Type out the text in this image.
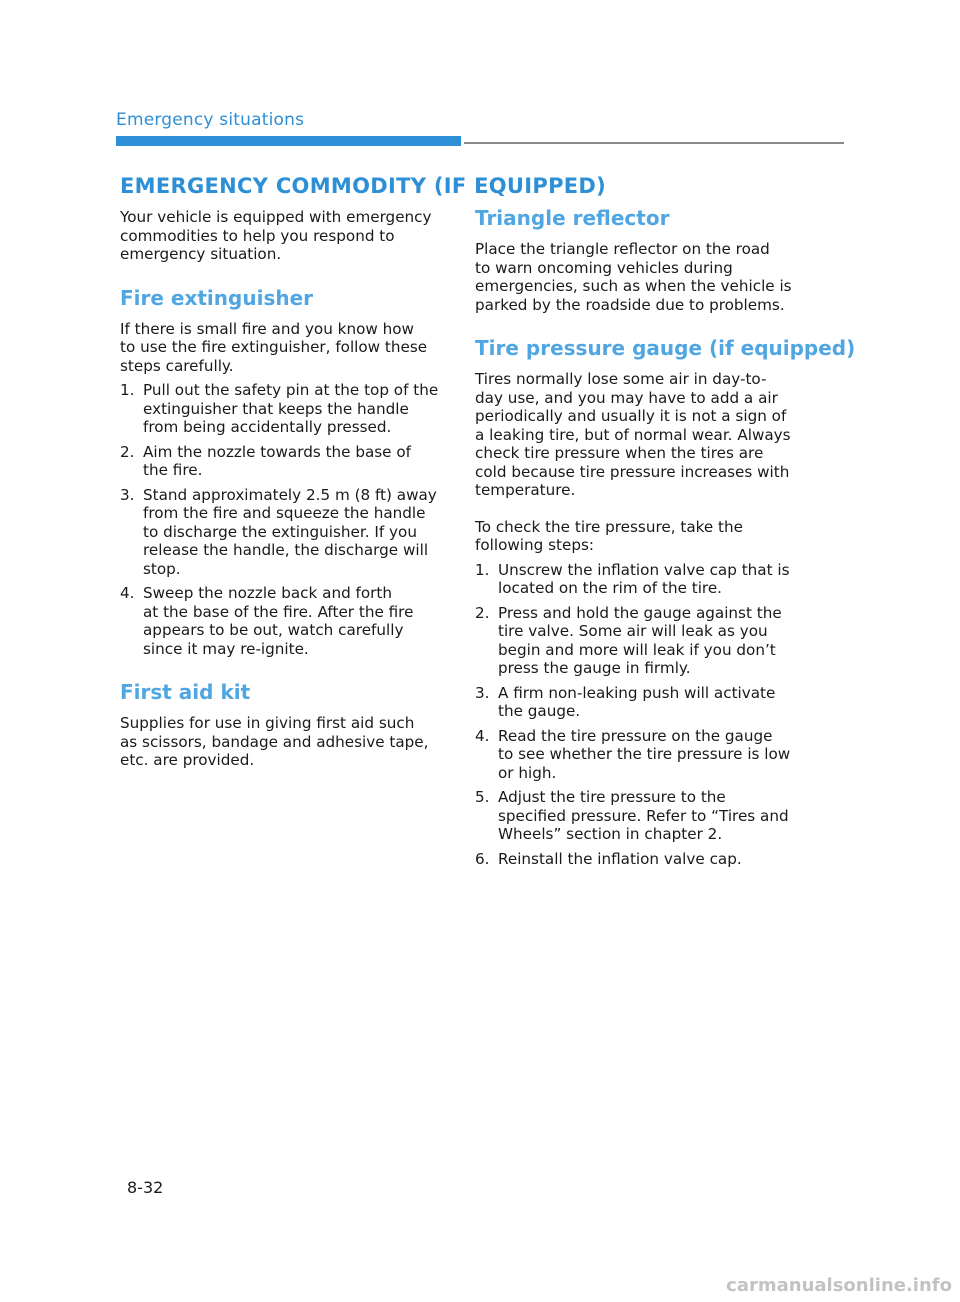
Emergency situations
EMERGENCY COMMODITY (IF EQUIPPED)

Your vehicle is equipped with emergency
commodities to help you respond to
emergency situation.

Fire extinguisher

If there is small fire and you know how
to use the fire extinguisher, follow these
steps carefully.

1. Pull out the safety pin at the top of the
extinguisher that keeps the handle
from being accidentally pressed.
2. Aim the nozzle towards the base of
the fire.
3. Stand approximately 2.5 m (8 ft) away
from the fire and squeeze the handle
to discharge the extinguisher. If you
release the handle, the discharge will
stop.
4. Sweep the nozzle back and forth
at the base of the fire. After the fire
appears to be out, watch carefully
since it may re-ignite.
First aid kit

Supplies for use in giving first aid such
as scissors, bandage and adhesive tape,
etc. are provided.

Triangle reflector

Place the triangle reflector on the road
to warn oncoming vehicles during
emergencies, such as when the vehicle is
parked by the roadside due to problems.

Tire pressure gauge (if equipped)

Tires normally lose some air in day-to-
day use, and you may have to add a air
periodically and usually it is not a sign of
a leaking tire, but of normal wear. Always
check tire pressure when the tires are
cold because tire pressure increases with
temperature.

To check the tire pressure, take the
following steps:

1. Unscrew the inflation valve cap that is
located on the rim of the tire.
2. Press and hold the gauge against the
tire valve. Some air will leak as you
begin and more will leak if you don’t
press the gauge in firmly.
3. A firm non-leaking push will activate
the gauge.
4. Read the tire pressure on the gauge
to see whether the tire pressure is low
or high.
5. Adjust the tire pressure to the
specified pressure. Refer to “Tires and
Wheels” section in chapter 2.
6. Reinstall the inflation valve cap.
8-32
carmanualsonline.info
